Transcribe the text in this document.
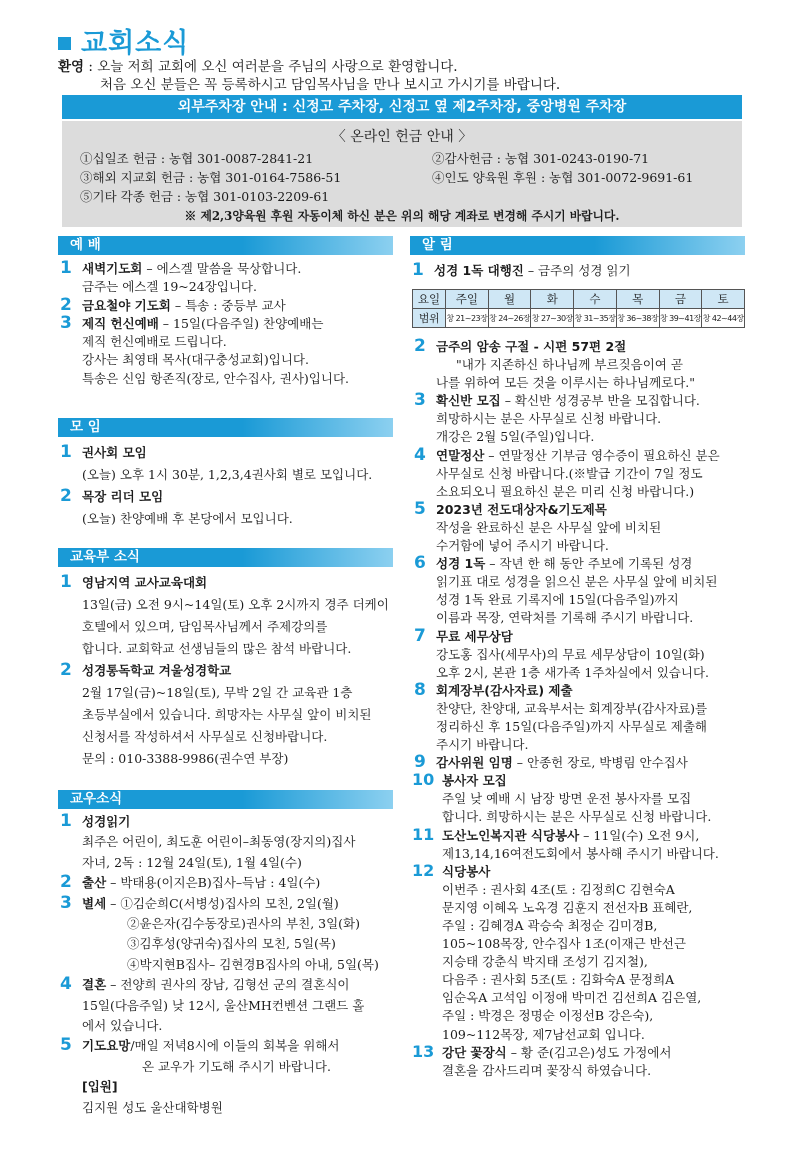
교회소식
환영 : 오늘 저희 교회에 오신 여러분을 주님의 사랑으로 환영합니다.
처음 오신 분들은 꼭 등록하시고 담임목사님을 만나 보시고 가시기를 바랍니다.
외부주차장 안내 : 신정고 주차장, 신정고 옆 제2주차장, 중앙병원 주차장
〈 온라인 헌금 안내 〉
①십일조 헌금 : 농협 301-0087-2841-21	②감사헌금 : 농협 301-0243-0190-71
③해외 지교회 헌금 : 농협 301-0164-7586-51	④인도 양육원 후원 : 농협 301-0072-9691-61
⑤기타 각종 헌금 : 농협 301-0103-2209-61
※ 제2,3양육원 후원 자동이체 하신 분은 위의 해당 계좌로 변경해 주시기 바랍니다.
예 배
1 새벽기도회 – 에스겔 말씀을 묵상합니다.
금주는 에스겔 19~24장입니다.
2 금요철야 기도회 – 특송 : 중등부 교사
3 제직 헌신예배 – 15일(다음주일) 찬양예배는
제직 헌신예배로 드립니다.
강사는 최영태 목사(대구충성교회)입니다.
특송은 신임 항존직(장로, 안수집사, 권사)입니다.
모 임
1 권사회 모임
(오늘) 오후 1시 30분, 1,2,3,4권사회 별로 모입니다.
2 목장 리더 모임
(오늘) 찬양예배 후 본당에서 모입니다.
교육부 소식
1 영남지역 교사교육대회
13일(금) 오전 9시~14일(토) 오후 2시까지 경주 더케이
호텔에서 있으며, 담임목사님께서 주제강의를
합니다. 교회학교 선생님들의 많은 참석 바랍니다.
2 성경통독학교 겨울성경학교
2월 17일(금)~18일(토), 무박 2일 간 교육관 1층
초등부실에서 있습니다. 희망자는 사무실 앞이 비치된
신청서를 작성하셔서 사무실로 신청바랍니다.
문의 : 010-3388-9986(권수연 부장)
교우소식
1 성경읽기
최주은 어린이, 최도훈 어린이–최동영(장지의)집사
자녀, 2독 : 12월 24일(토), 1월 4일(수)
2 출산 – 박태용(이지은B)집사–득남 : 4일(수)
3 별세 – ①김순희C(서병성)집사의 모친, 2일(월)
②윤은자(김수동장로)권사의 부친, 3일(화)
③김후성(양귀숙)집사의 모친, 5일(목)
④박지현B집사– 김현경B집사의 아내, 5일(목)
4 결혼 – 전양희 권사의 장남, 김형선 군의 결혼식이
15일(다음주일) 낮 12시, 울산MH컨벤션 그랜드 홀
에서 있습니다.
5 기도요망/매일 저녁8시에 이들의 회복을 위해서
온 교우가 기도해 주시기 바랍니다.
[입원]
김지원 성도 울산대학병원
알 림
1 성경 1독 대행진 – 금주의 성경 읽기
요일	주일	월	화	수	목	금	토
범위	창 21~23장	창 24~26장	창 27~30장	창 31~35장	창 36~38장	창 39~41장	창 42~44장
2 금주의 암송 구절 - 시편 57편 2절
"내가 지존하신 하나님께 부르짖음이여 곧
나를 위하여 모든 것을 이루시는 하나님께로다."
3 확신반 모집 – 확신반 성경공부 반을 모집합니다.
희망하시는 분은 사무실로 신청 바랍니다.
개강은 2월 5일(주일)입니다.
4 연말정산 – 연말정산 기부금 영수증이 필요하신 분은
사무실로 신청 바랍니다.(※발급 기간이 7일 정도
소요되오니 필요하신 분은 미리 신청 바랍니다.)
5 2023년 전도대상자&기도제목
작성을 완료하신 분은 사무실 앞에 비치된
수거함에 넣어 주시기 바랍니다.
6 성경 1독 – 작년 한 해 동안 주보에 기록된 성경
읽기표 대로 성경을 읽으신 분은 사무실 앞에 비치된
성경 1독 완료 기록지에 15일(다음주일)까지
이름과 목장, 연락처를 기록해 주시기 바랍니다.
7 무료 세무상담
강도홍 집사(세무사)의 무료 세무상담이 10일(화)
오후 2시, 본관 1층 새가족 1주차실에서 있습니다.
8 회계장부(감사자료) 제출
찬양단, 찬양대, 교육부서는 회계장부(감사자료)를
정리하신 후 15일(다음주일)까지 사무실로 제출해
주시기 바랍니다.
9 감사위원 임명 – 안종헌 장로, 박병림 안수집사
10 봉사자 모집
주일 낮 예배 시 남장 방면 운전 봉사자를 모집
합니다. 희망하시는 분은 사무실로 신청 바랍니다.
11 도산노인복지관 식당봉사 – 11일(수) 오전 9시,
제13,14,16여전도회에서 봉사해 주시기 바랍니다.
12 식당봉사
이번주 : 권사회 4조(토 : 김정희C 김현숙A
문지영 이혜옥 노옥경 김훈지 전선자B 표혜란,
주일 : 김혜경A 곽승숙 최정순 김미경B,
105~108목장, 안수집사 1조(이재근 반선근
지승태 강춘식 박지태 조성기 김지철),
다음주 : 권사회 5조(토 : 김화숙A 문정희A
임순옥A 고석임 이정애 박미건 김선희A 김은열,
주일 : 박경은 정명순 이정선B 강은숙),
109~112목장, 제7남선교회 입니다.
13 강단 꽃장식 – 황 준(김고은)성도 가정에서
결혼을 감사드리며 꽃장식 하였습니다.
